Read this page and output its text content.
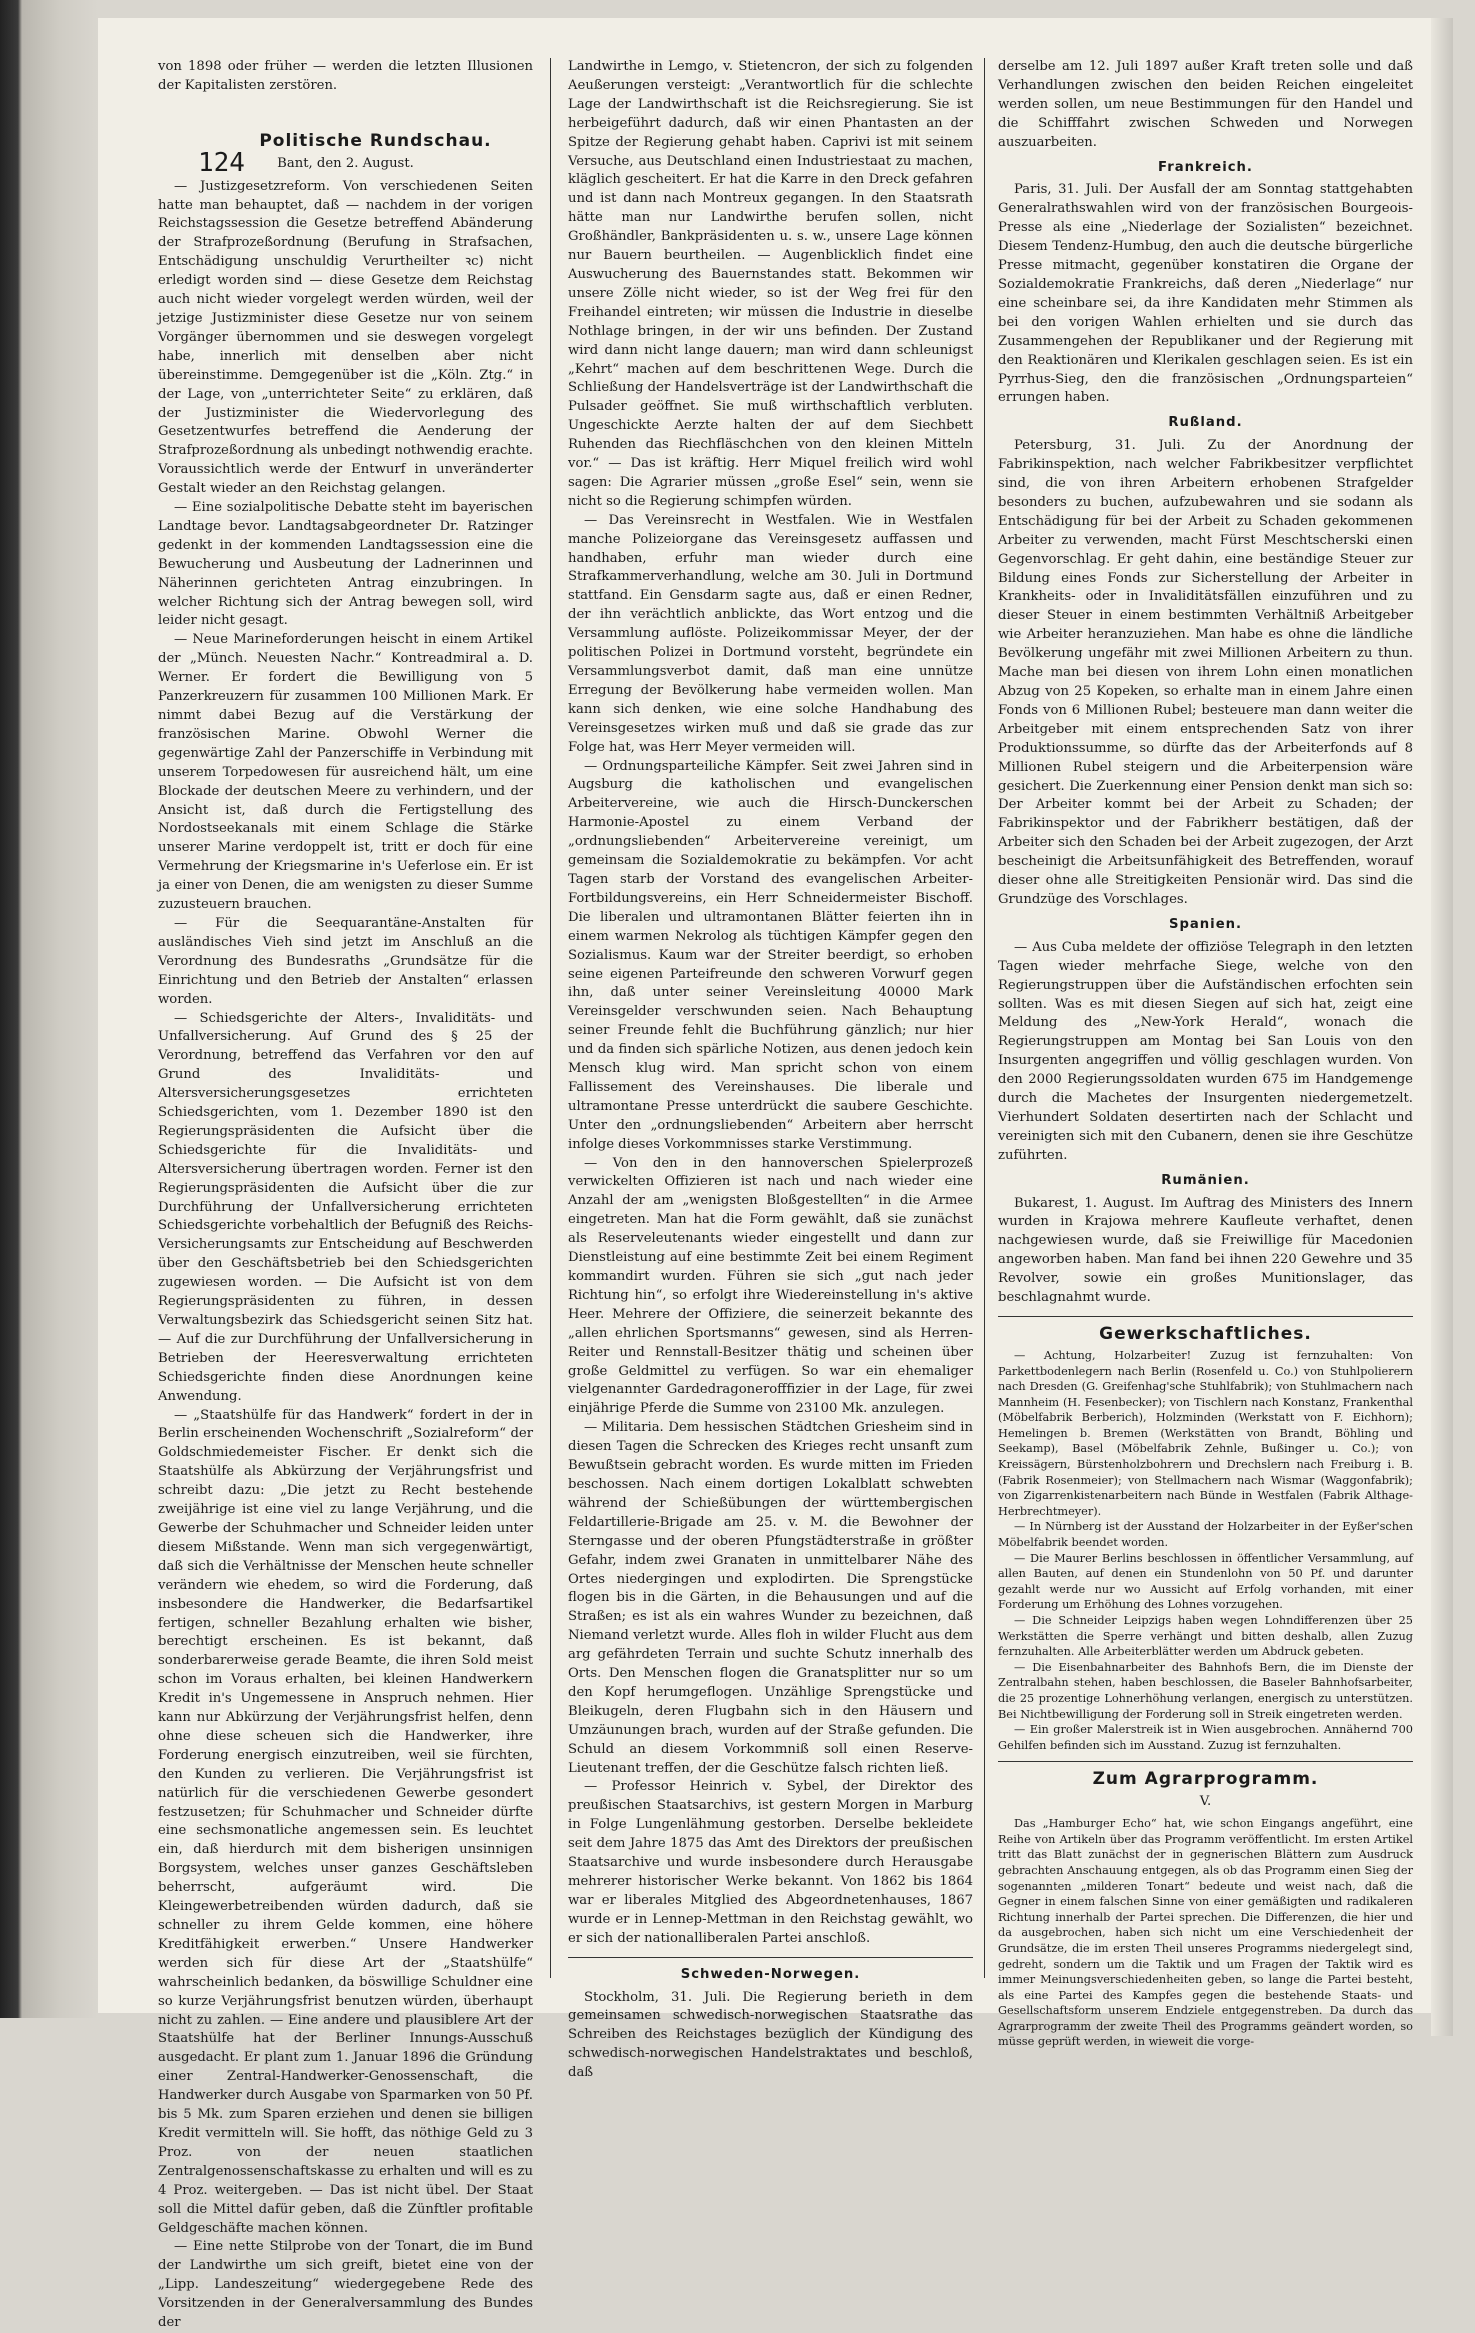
124

von 1898 oder früher — werden die letzten Illusionen der Kapitalisten zerstören.

Politische Rundschau.
Bant, den 2. August.

— Justizgesetzreform. Von verschiedenen Seiten hatte man behauptet, daß — nachdem in der vorigen Reichstagssession die Gesetze betreffend Abänderung der Strafprozeßordnung (Berufung in Strafsachen, Entschädigung unschuldig Verurtheilter ꝛc) nicht erledigt worden sind — diese Gesetze dem Reichstag auch nicht wieder vorgelegt werden würden, weil der jetzige Justizminister diese Gesetze nur von seinem Vorgänger übernommen und sie deswegen vorgelegt habe, innerlich mit denselben aber nicht übereinstimme. Demgegenüber ist die „Köln. Ztg.“ in der Lage, von „unterrichteter Seite“ zu erklären, daß der Justizminister die Wiedervorlegung des Gesetzentwurfes betreffend die Aenderung der Strafprozeßordnung als unbedingt nothwendig erachte. Voraussichtlich werde der Entwurf in unveränderter Gestalt wieder an den Reichstag gelangen.

— Eine sozialpolitische Debatte steht im bayerischen Landtage bevor. Landtagsabgeordneter Dr. Ratzinger gedenkt in der kommenden Landtagssession eine die Bewucherung und Ausbeutung der Ladnerinnen und Näherinnen gerichteten Antrag einzubringen. In welcher Richtung sich der Antrag bewegen soll, wird leider nicht gesagt.

— Neue Marineforderungen heischt in einem Artikel der „Münch. Neuesten Nachr.“ Kontreadmiral a. D. Werner. Er fordert die Bewilligung von 5 Panzerkreuzern für zusammen 100 Millionen Mark. Er nimmt dabei Bezug auf die Verstärkung der französischen Marine. Obwohl Werner die gegenwärtige Zahl der Panzerschiffe in Verbindung mit unserem Torpedowesen für ausreichend hält, um eine Blockade der deutschen Meere zu verhindern, und der Ansicht ist, daß durch die Fertigstellung des Nordostseekanals mit einem Schlage die Stärke unserer Marine verdoppelt ist, tritt er doch für eine Vermehrung der Kriegsmarine in's Ueferlose ein. Er ist ja einer von Denen, die am wenigsten zu dieser Summe zuzusteuern brauchen.

— Für die Seequarantäne-Anstalten für ausländisches Vieh sind jetzt im Anschluß an die Verordnung des Bundesraths „Grundsätze für die Einrichtung und den Betrieb der Anstalten“ erlassen worden.

— Schiedsgerichte der Alters-, Invaliditäts- und Unfallversicherung. Auf Grund des § 25 der Verordnung, betreffend das Verfahren vor den auf Grund des Invaliditäts- und Altersversicherungsgesetzes errichteten Schiedsgerichten, vom 1. Dezember 1890 ist den Regierungspräsidenten die Aufsicht über die Schiedsgerichte für die Invaliditäts- und Altersversicherung übertragen worden. Ferner ist den Regierungspräsidenten die Aufsicht über die zur Durchführung der Unfallversicherung errichteten Schiedsgerichte vorbehaltlich der Befugniß des Reichs-Versicherungsamts zur Entscheidung auf Beschwerden über den Geschäftsbetrieb bei den Schiedsgerichten zugewiesen worden. — Die Aufsicht ist von dem Regierungspräsidenten zu führen, in dessen Verwaltungsbezirk das Schiedsgericht seinen Sitz hat. — Auf die zur Durchführung der Unfallversicherung in Betrieben der Heeresverwaltung errichteten Schiedsgerichte finden diese Anordnungen keine Anwendung.

— „Staatshülfe für das Handwerk“ fordert in der in Berlin erscheinenden Wochenschrift „Sozialreform“ der Goldschmiedemeister Fischer. Er denkt sich die Staatshülfe als Abkürzung der Verjährungsfrist und schreibt dazu: „Die jetzt zu Recht bestehende zweijährige ist eine viel zu lange Verjährung, und die Gewerbe der Schuhmacher und Schneider leiden unter diesem Mißstande. Wenn man sich vergegenwärtigt, daß sich die Verhältnisse der Menschen heute schneller verändern wie ehedem, so wird die Forderung, daß insbesondere die Handwerker, die Bedarfsartikel fertigen, schneller Bezahlung erhalten wie bisher, berechtigt erscheinen. Es ist bekannt, daß sonderbarerweise gerade Beamte, die ihren Sold meist schon im Voraus erhalten, bei kleinen Handwerkern Kredit in's Ungemessene in Anspruch nehmen. Hier kann nur Abkürzung der Verjährungsfrist helfen, denn ohne diese scheuen sich die Handwerker, ihre Forderung energisch einzutreiben, weil sie fürchten, den Kunden zu verlieren. Die Verjährungsfrist ist natürlich für die verschiedenen Gewerbe gesondert festzusetzen; für Schuhmacher und Schneider dürfte eine sechsmonatliche angemessen sein. Es leuchtet ein, daß hierdurch mit dem bisherigen unsinnigen Borgsystem, welches unser ganzes Geschäftsleben beherrscht, aufgeräumt wird. Die Kleingewerbetreibenden würden dadurch, daß sie schneller zu ihrem Gelde kommen, eine höhere Kreditfähigkeit erwerben.“ Unsere Handwerker werden sich für diese Art der „Staatshülfe“ wahrscheinlich bedanken, da böswillige Schuldner eine so kurze Verjährungsfrist benutzen würden, überhaupt nicht zu zahlen. — Eine andere und plausiblere Art der Staatshülfe hat der Berliner Innungs-Ausschuß ausgedacht. Er plant zum 1. Januar 1896 die Gründung einer Zentral-Handwerker-Genossenschaft, die Handwerker durch Ausgabe von Sparmarken von 50 Pf. bis 5 Mk. zum Sparen erziehen und denen sie billigen Kredit vermitteln will. Sie hofft, das nöthige Geld zu 3 Proz. von der neuen staatlichen Zentralgenossenschaftskasse zu erhalten und will es zu 4 Proz. weitergeben. — Das ist nicht übel. Der Staat soll die Mittel dafür geben, daß die Zünftler profitable Geldgeschäfte machen können.

— Eine nette Stilprobe von der Tonart, die im Bund der Landwirthe um sich greift, bietet eine von der „Lipp. Landeszeitung“ wiedergegebene Rede des Vorsitzenden in der Generalversammlung des Bundes der

Landwirthe in Lemgo, v. Stietencron, der sich zu folgenden Aeußerungen versteigt: „Verantwortlich für die schlechte Lage der Landwirthschaft ist die Reichsregierung. Sie ist herbeigeführt dadurch, daß wir einen Phantasten an der Spitze der Regierung gehabt haben. Caprivi ist mit seinem Versuche, aus Deutschland einen Industriestaat zu machen, kläglich gescheitert. Er hat die Karre in den Dreck gefahren und ist dann nach Montreux gegangen. In den Staatsrath hätte man nur Landwirthe berufen sollen, nicht Großhändler, Bankpräsidenten u. s. w., unsere Lage können nur Bauern beurtheilen. — Augenblicklich findet eine Auswucherung des Bauernstandes statt. Bekommen wir unsere Zölle nicht wieder, so ist der Weg frei für den Freihandel eintreten; wir müssen die Industrie in dieselbe Nothlage bringen, in der wir uns befinden. Der Zustand wird dann nicht lange dauern; man wird dann schleunigst „Kehrt“ machen auf dem beschrittenen Wege. Durch die Schließung der Handelsverträge ist der Landwirthschaft die Pulsader geöffnet. Sie muß wirthschaftlich verbluten. Ungeschickte Aerzte halten der auf dem Siechbett Ruhenden das Riechfläschchen von den kleinen Mitteln vor.“ — Das ist kräftig. Herr Miquel freilich wird wohl sagen: Die Agrarier müssen „große Esel“ sein, wenn sie nicht so die Regierung schimpfen würden.

— Das Vereinsrecht in Westfalen. Wie in Westfalen manche Polizeiorgane das Vereinsgesetz auffassen und handhaben, erfuhr man wieder durch eine Strafkammerverhandlung, welche am 30. Juli in Dortmund stattfand. Ein Gensdarm sagte aus, daß er einen Redner, der ihn verächtlich anblickte, das Wort entzog und die Versammlung auflöste. Polizeikommissar Meyer, der der politischen Polizei in Dortmund vorsteht, begründete ein Versammlungsverbot damit, daß man eine unnütze Erregung der Bevölkerung habe vermeiden wollen. Man kann sich denken, wie eine solche Handhabung des Vereinsgesetzes wirken muß und daß sie grade das zur Folge hat, was Herr Meyer vermeiden will.

— Ordnungsparteiliche Kämpfer. Seit zwei Jahren sind in Augsburg die katholischen und evangelischen Arbeitervereine, wie auch die Hirsch-Dunckerschen Harmonie-Apostel zu einem Verband der „ordnungsliebenden“ Arbeitervereine vereinigt, um gemeinsam die Sozialdemokratie zu bekämpfen. Vor acht Tagen starb der Vorstand des evangelischen Arbeiter-Fortbildungsvereins, ein Herr Schneidermeister Bischoff. Die liberalen und ultramontanen Blätter feierten ihn in einem warmen Nekrolog als tüchtigen Kämpfer gegen den Sozialismus. Kaum war der Streiter beerdigt, so erhoben seine eigenen Parteifreunde den schweren Vorwurf gegen ihn, daß unter seiner Vereinsleitung 40000 Mark Vereinsgelder verschwunden seien. Nach Behauptung seiner Freunde fehlt die Buchführung gänzlich; nur hier und da finden sich spärliche Notizen, aus denen jedoch kein Mensch klug wird. Man spricht schon von einem Fallissement des Vereinshauses. Die liberale und ultramontane Presse unterdrückt die saubere Geschichte. Unter den „ordnungsliebenden“ Arbeitern aber herrscht infolge dieses Vorkommnisses starke Verstimmung.

— Von den in den hannoverschen Spielerprozeß verwickelten Offizieren ist nach und nach wieder eine Anzahl der am „wenigsten Bloßgestellten“ in die Armee eingetreten. Man hat die Form gewählt, daß sie zunächst als Reserveleutenants wieder eingestellt und dann zur Dienstleistung auf eine bestimmte Zeit bei einem Regiment kommandirt wurden. Führen sie sich „gut nach jeder Richtung hin“, so erfolgt ihre Wiedereinstellung in's aktive Heer. Mehrere der Offiziere, die seinerzeit bekannte des „allen ehrlichen Sportsmanns“ gewesen, sind als Herren-Reiter und Rennstall-Besitzer thätig und scheinen über große Geldmittel zu verfügen. So war ein ehemaliger vielgenannter Gardedragonerofffizier in der Lage, für zwei einjährige Pferde die Summe von 23100 Mk. anzulegen.

— Militaria. Dem hessischen Städtchen Griesheim sind in diesen Tagen die Schrecken des Krieges recht unsanft zum Bewußtsein gebracht worden. Es wurde mitten im Frieden beschossen. Nach einem dortigen Lokalblatt schwebten während der Schießübungen der württembergischen Feldartillerie-Brigade am 25. v. M. die Bewohner der Sterngasse und der oberen Pfungstädterstraße in größter Gefahr, indem zwei Granaten in unmittelbarer Nähe des Ortes niedergingen und explodirten. Die Sprengstücke flogen bis in die Gärten, in die Behausungen und auf die Straßen; es ist als ein wahres Wunder zu bezeichnen, daß Niemand verletzt wurde. Alles floh in wilder Flucht aus dem arg gefährdeten Terrain und suchte Schutz innerhalb des Orts. Den Menschen flogen die Granatsplitter nur so um den Kopf herumgeflogen. Unzählige Sprengstücke und Bleikugeln, deren Flugbahn sich in den Häusern und Umzäunungen brach, wurden auf der Straße gefunden. Die Schuld an diesem Vorkommniß soll einen Reserve-Lieutenant treffen, der die Geschütze falsch richten ließ.

— Professor Heinrich v. Sybel, der Direktor des preußischen Staatsarchivs, ist gestern Morgen in Marburg in Folge Lungenlähmung gestorben. Derselbe bekleidete seit dem Jahre 1875 das Amt des Direktors der preußischen Staatsarchive und wurde insbesondere durch Herausgabe mehrerer historischer Werke bekannt. Von 1862 bis 1864 war er liberales Mitglied des Abgeordnetenhauses, 1867 wurde er in Lennep-Mettman in den Reichstag gewählt, wo er sich der nationalliberalen Partei anschloß.

Schweden-Norwegen.

Stockholm, 31. Juli. Die Regierung berieth in dem gemeinsamen schwedisch-norwegischen Staatsrathe das Schreiben des Reichstages bezüglich der Kündigung des schwedisch-norwegischen Handelstraktates und beschloß, daß

derselbe am 12. Juli 1897 außer Kraft treten solle und daß Verhandlungen zwischen den beiden Reichen eingeleitet werden sollen, um neue Bestimmungen für den Handel und die Schifffahrt zwischen Schweden und Norwegen auszuarbeiten.

Frankreich.

Paris, 31. Juli. Der Ausfall der am Sonntag stattgehabten Generalrathswahlen wird von der französischen Bourgeois-Presse als eine „Niederlage der Sozialisten“ bezeichnet. Diesem Tendenz-Humbug, den auch die deutsche bürgerliche Presse mitmacht, gegenüber konstatiren die Organe der Sozialdemokratie Frankreichs, daß deren „Niederlage“ nur eine scheinbare sei, da ihre Kandidaten mehr Stimmen als bei den vorigen Wahlen erhielten und sie durch das Zusammengehen der Republikaner und der Regierung mit den Reaktionären und Klerikalen geschlagen seien. Es ist ein Pyrrhus-Sieg, den die französischen „Ordnungsparteien“ errungen haben.

Rußland.

Petersburg, 31. Juli. Zu der Anordnung der Fabrikinspektion, nach welcher Fabrikbesitzer verpflichtet sind, die von ihren Arbeitern erhobenen Strafgelder besonders zu buchen, aufzubewahren und sie sodann als Entschädigung für bei der Arbeit zu Schaden gekommenen Arbeiter zu verwenden, macht Fürst Meschtscherski einen Gegenvorschlag. Er geht dahin, eine beständige Steuer zur Bildung eines Fonds zur Sicherstellung der Arbeiter in Krankheits- oder in Invaliditätsfällen einzuführen und zu dieser Steuer in einem bestimmten Verhältniß Arbeitgeber wie Arbeiter heranzuziehen. Man habe es ohne die ländliche Bevölkerung ungefähr mit zwei Millionen Arbeitern zu thun. Mache man bei diesen von ihrem Lohn einen monatlichen Abzug von 25 Kopeken, so erhalte man in einem Jahre einen Fonds von 6 Millionen Rubel; besteuere man dann weiter die Arbeitgeber mit einem entsprechenden Satz von ihrer Produktionssumme, so dürfte das der Arbeiterfonds auf 8 Millionen Rubel steigern und die Arbeiterpension wäre gesichert. Die Zuerkennung einer Pension denkt man sich so: Der Arbeiter kommt bei der Arbeit zu Schaden; der Fabrikinspektor und der Fabrikherr bestätigen, daß der Arbeiter sich den Schaden bei der Arbeit zugezogen, der Arzt bescheinigt die Arbeitsunfähigkeit des Betreffenden, worauf dieser ohne alle Streitigkeiten Pensionär wird. Das sind die Grundzüge des Vorschlages.

Spanien.

— Aus Cuba meldete der offiziöse Telegraph in den letzten Tagen wieder mehrfache Siege, welche von den Regierungstruppen über die Aufständischen erfochten sein sollten. Was es mit diesen Siegen auf sich hat, zeigt eine Meldung des „New-York Herald“, wonach die Regierungstruppen am Montag bei San Louis von den Insurgenten angegriffen und völlig geschlagen wurden. Von den 2000 Regierungssoldaten wurden 675 im Handgemenge durch die Machetes der Insurgenten niedergemetzelt. Vierhundert Soldaten desertirten nach der Schlacht und vereinigten sich mit den Cubanern, denen sie ihre Geschütze zuführten.

Rumänien.

Bukarest, 1. August. Im Auftrag des Ministers des Innern wurden in Krajowa mehrere Kaufleute verhaftet, denen nachgewiesen wurde, daß sie Freiwillige für Macedonien angeworben haben. Man fand bei ihnen 220 Gewehre und 35 Revolver, sowie ein großes Munitionslager, das beschlagnahmt wurde.

Gewerkschaftliches.

— Achtung, Holzarbeiter! Zuzug ist fernzuhalten: Von Parkettbodenlegern nach Berlin (Rosenfeld u. Co.) von Stuhlpolierern nach Dresden (G. Greifenhag'sche Stuhlfabrik); von Stuhlmachern nach Mannheim (H. Fesenbecker); von Tischlern nach Konstanz, Frankenthal (Möbelfabrik Berberich), Holzminden (Werkstatt von F. Eichhorn); Hemelingen b. Bremen (Werkstätten von Brandt, Böhling und Seekamp), Basel (Möbelfabrik Zehnle, Bußinger u. Co.); von Kreissägern, Bürstenholzbohrern und Drechslern nach Freiburg i. B. (Fabrik Rosenmeier); von Stellmachern nach Wismar (Waggonfabrik); von Zigarrenkistenarbeitern nach Bünde in Westfalen (Fabrik Althage-Herbrechtmeyer).

— In Nürnberg ist der Ausstand der Holzarbeiter in der Eyßer'schen Möbelfabrik beendet worden.

— Die Maurer Berlins beschlossen in öffentlicher Versammlung, auf allen Bauten, auf denen ein Stundenlohn von 50 Pf. und darunter gezahlt werde nur wo Aussicht auf Erfolg vorhanden, mit einer Forderung um Erhöhung des Lohnes vorzugehen.

— Die Schneider Leipzigs haben wegen Lohndifferenzen über 25 Werkstätten die Sperre verhängt und bitten deshalb, allen Zuzug fernzuhalten. Alle Arbeiterblätter werden um Abdruck gebeten.

— Die Eisenbahnarbeiter des Bahnhofs Bern, die im Dienste der Zentralbahn stehen, haben beschlossen, die Baseler Bahnhofsarbeiter, die 25 prozentige Lohnerhöhung verlangen, energisch zu unterstützen. Bei Nichtbewilligung der Forderung soll in Streik eingetreten werden.

— Ein großer Malerstreik ist in Wien ausgebrochen. Annähernd 700 Gehilfen befinden sich im Ausstand. Zuzug ist fernzuhalten.

Zum Agrarprogramm.
V.

Das „Hamburger Echo“ hat, wie schon Eingangs angeführt, eine Reihe von Artikeln über das Programm veröffentlicht. Im ersten Artikel tritt das Blatt zunächst der in gegnerischen Blättern zum Ausdruck gebrachten Anschauung entgegen, als ob das Programm einen Sieg der sogenannten „milderen Tonart“ bedeute und weist nach, daß die Gegner in einem falschen Sinne von einer gemäßigten und radikaleren Richtung innerhalb der Partei sprechen. Die Differenzen, die hier und da ausgebrochen, haben sich nicht um eine Verschiedenheit der Grundsätze, die im ersten Theil unseres Programms niedergelegt sind, gedreht, sondern um die Taktik und um Fragen der Taktik wird es immer Meinungsverschiedenheiten geben, so lange die Partei besteht, als eine Partei des Kampfes gegen die bestehende Staats- und Gesellschaftsform unserem Endziele entgegenstreben. Da durch das Agrarprogramm der zweite Theil des Programms geändert worden, so müsse geprüft werden, in wieweit die vorge-
